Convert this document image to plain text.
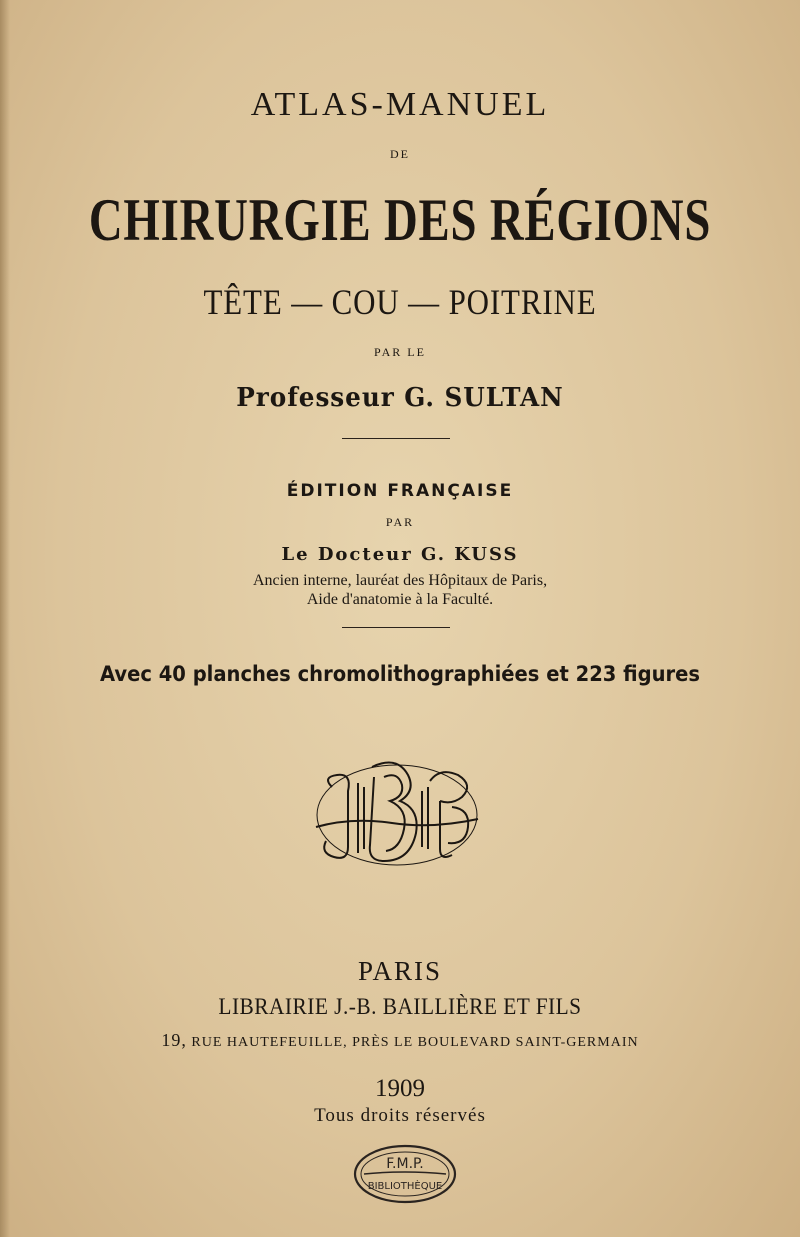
ATLAS-MANUEL
DE
CHIRURGIE DES RÉGIONS
TÊTE — COU — POITRINE
PAR LE
Professeur G. SULTAN
ÉDITION FRANÇAISE
PAR
Le Docteur G. KUSS
Ancien interne, lauréat des Hôpitaux de Paris,
Aide d'anatomie à la Faculté.
Avec 40 planches chromolithographiées et 223 figures
PARIS
LIBRAIRIE J.-B. BAILLIÈRE ET FILS
19, RUE HAUTEFEUILLE, PRÈS LE BOULEVARD SAINT-GERMAIN
1909
Tous droits réservés
F.M.P.
BIBLIOTHÈQUE
